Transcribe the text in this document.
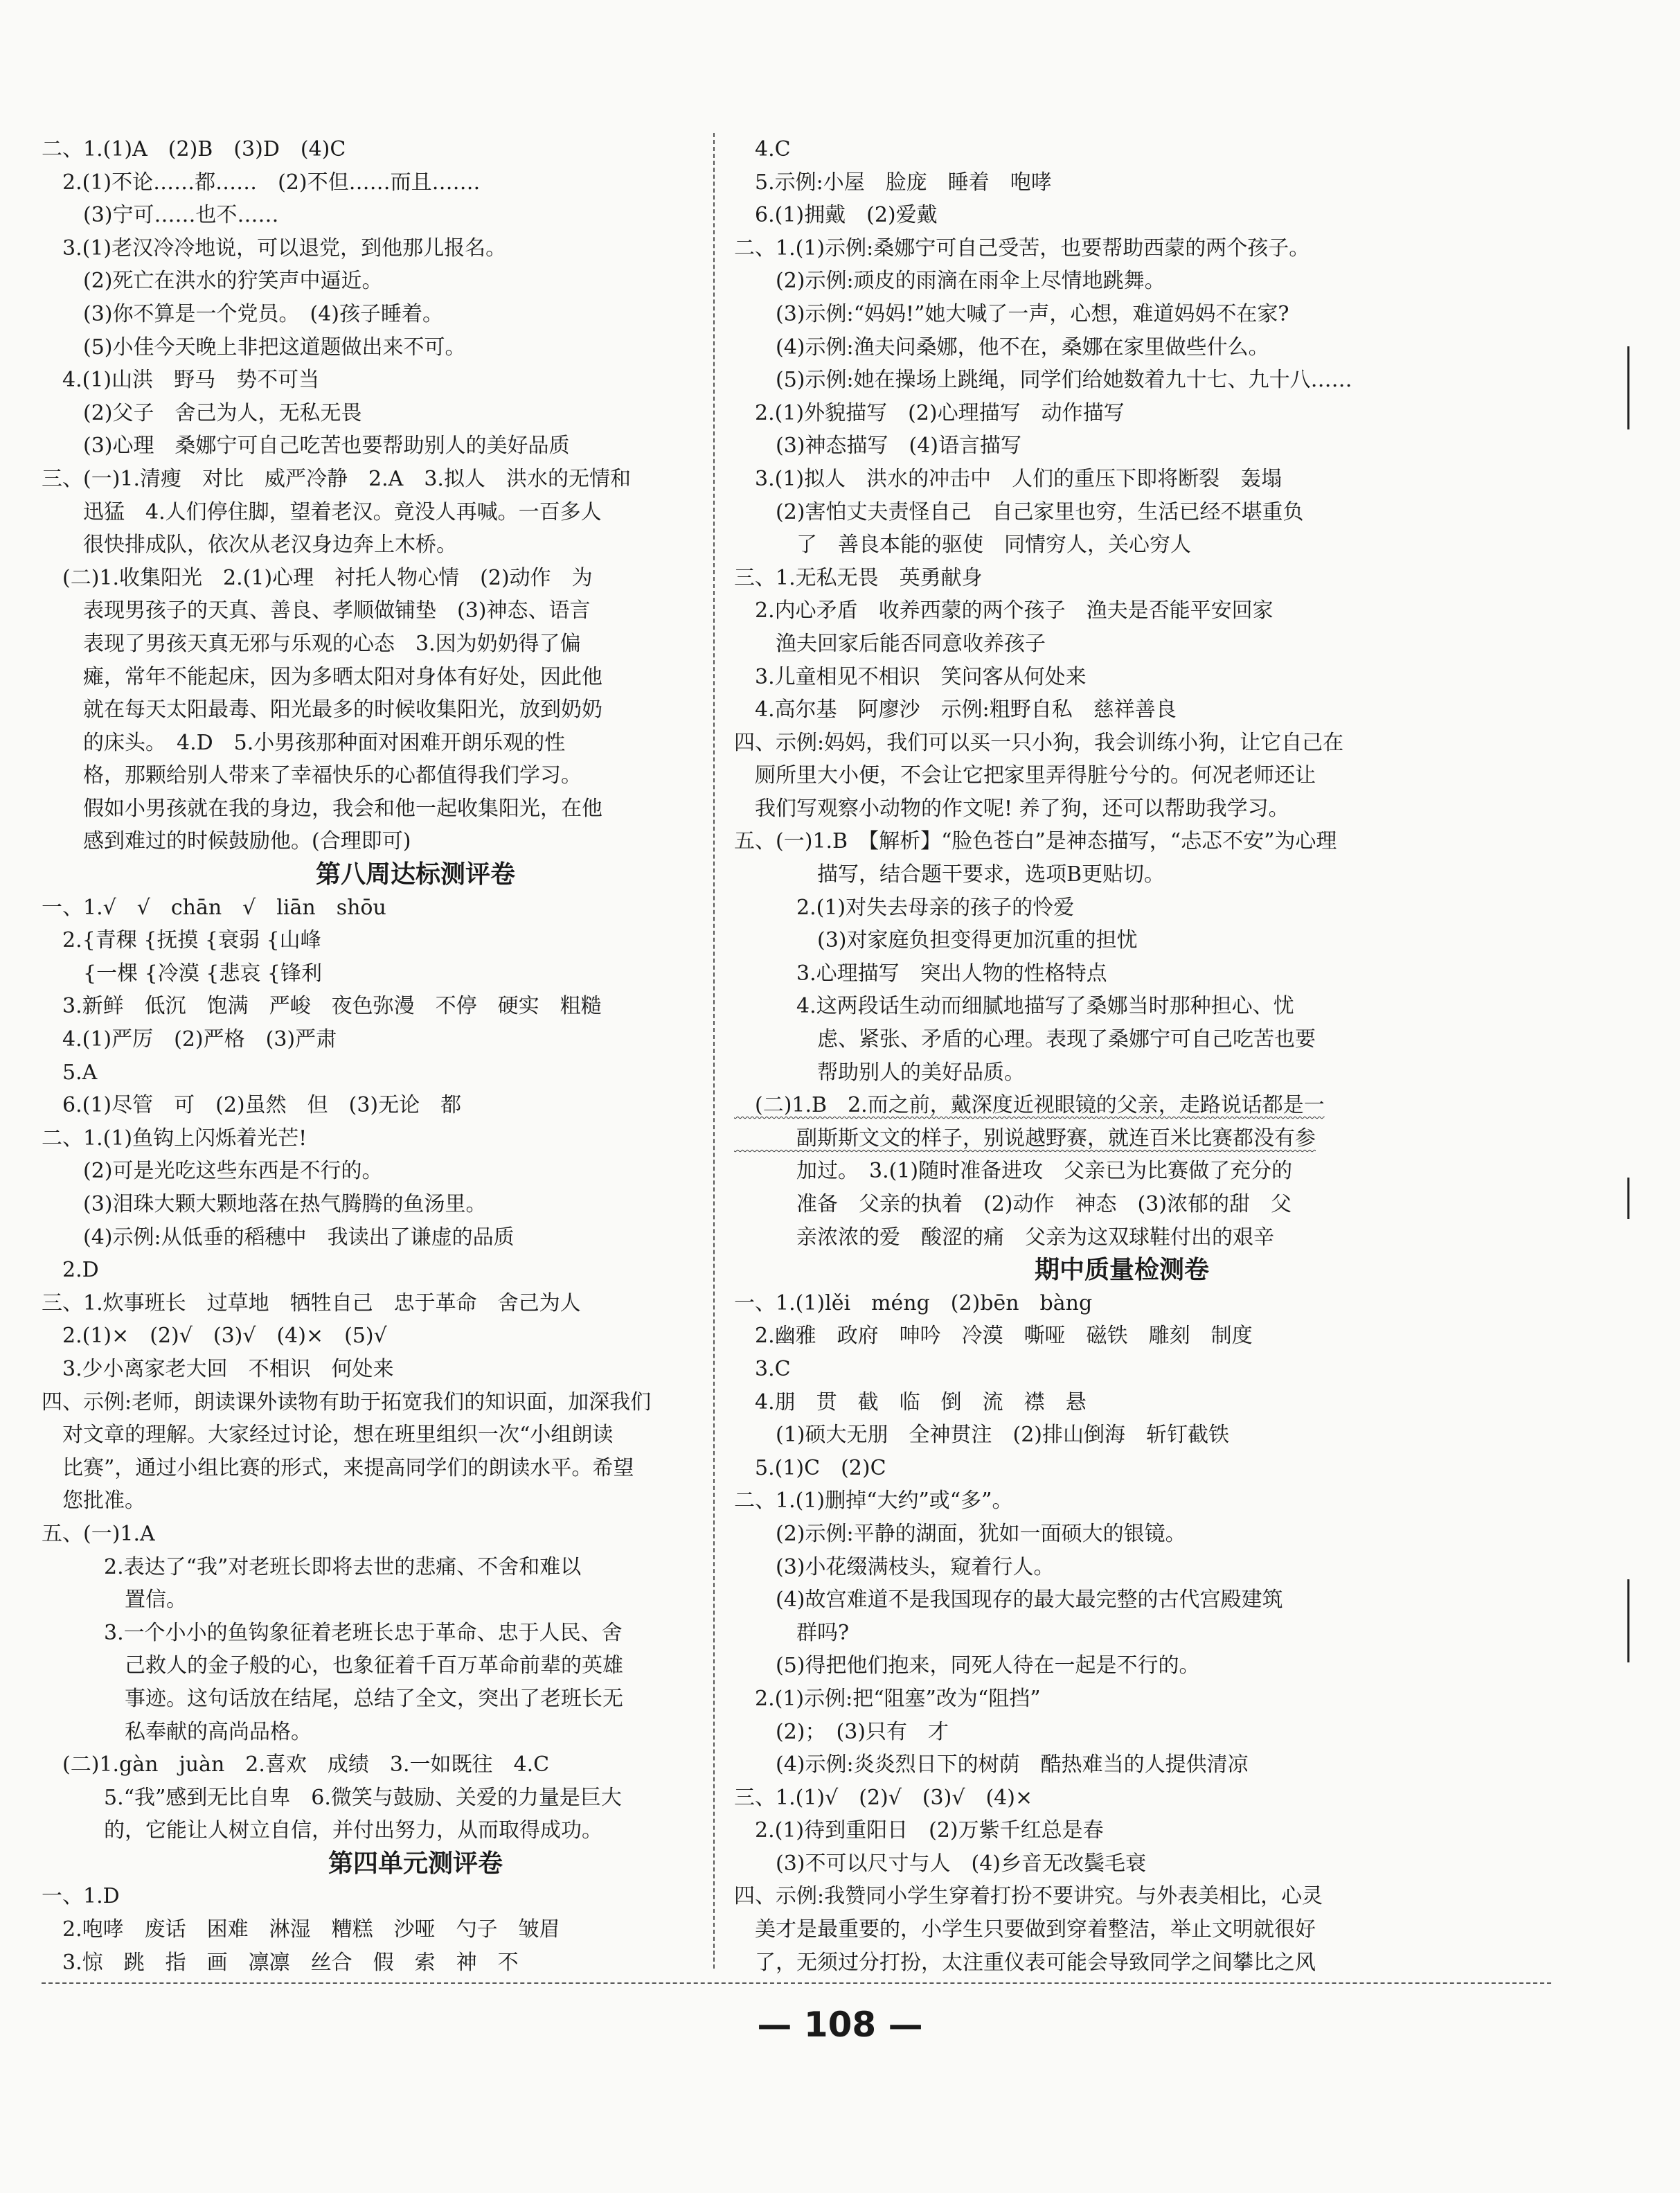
二、1.(1)A　(2)B　(3)D　(4)C
　2.(1)不论……都……　(2)不但……而且…….
　　(3)宁可……也不……
　3.(1)老汉冷冷地说，可以退党，到他那儿报名。
　　(2)死亡在洪水的狞笑声中逼近。
　　(3)你不算是一个党员。　(4)孩子睡着。
　　(5)小佳今天晚上非把这道题做出来不可。
　4.(1)山洪　野马　势不可当
　　(2)父子　舍己为人，无私无畏
　　(3)心理　桑娜宁可自己吃苦也要帮助别人的美好品质
三、(一)1.清瘦　对比　威严冷静　2.A　3.拟人　洪水的无情和
　　迅猛　4.人们停住脚，望着老汉。竟没人再喊。一百多人
　　很快排成队，依次从老汉身边奔上木桥。
　(二)1.收集阳光　2.(1)心理　衬托人物心情　(2)动作　为
　　表现男孩子的天真、善良、孝顺做铺垫　(3)神态、语言
　　表现了男孩天真无邪与乐观的心态　3.因为奶奶得了偏
　　瘫，常年不能起床，因为多晒太阳对身体有好处，因此他
　　就在每天太阳最毒、阳光最多的时候收集阳光，放到奶奶
　　的床头。　4.D　5.小男孩那种面对困难开朗乐观的性
　　格，那颗给别人带来了幸福快乐的心都值得我们学习。
　　假如小男孩就在我的身边，我会和他一起收集阳光，在他
　　感到难过的时候鼓励他。(合理即可)
第八周达标测评卷
一、1.√　√　chān　√　liān　shōu
　2.{青稞 {抚摸 {衰弱 {山峰
　　{一棵 {冷漠 {悲哀 {锋利
　3.新鲜　低沉　饱满　严峻　夜色弥漫　不停　硬实　粗糙
　4.(1)严厉　(2)严格　(3)严肃
　5.A
　6.(1)尽管　可　(2)虽然　但　(3)无论　都
二、1.(1)鱼钩上闪烁着光芒!
　　(2)可是光吃这些东西是不行的。
　　(3)泪珠大颗大颗地落在热气腾腾的鱼汤里。
　　(4)示例:从低垂的稻穗中　我读出了谦虚的品质
　2.D
三、1.炊事班长　过草地　牺牲自己　忠于革命　舍己为人
　2.(1)×　(2)√　(3)√　(4)×　(5)√
　3.少小离家老大回　不相识　何处来
四、示例:老师，朗读课外读物有助于拓宽我们的知识面，加深我们
　对文章的理解。大家经过讨论，想在班里组织一次“小组朗读
　比赛”，通过小组比赛的形式，来提高同学们的朗读水平。希望
　您批准。
五、(一)1.A
　　　2.表达了“我”对老班长即将去世的悲痛、不舍和难以
　　　　置信。
　　　3.一个小小的鱼钩象征着老班长忠于革命、忠于人民、舍
　　　　己救人的金子般的心，也象征着千百万革命前辈的英雄
　　　　事迹。这句话放在结尾，总结了全文，突出了老班长无
　　　　私奉献的高尚品格。
　(二)1.gàn　juàn　2.喜欢　成绩　3.一如既往　4.C
　　　5.“我”感到无比自卑　6.微笑与鼓励、关爱的力量是巨大
　　　的，它能让人树立自信，并付出努力，从而取得成功。
第四单元测评卷
一、1.D
　2.咆哮　废话　困难　淋湿　糟糕　沙哑　勺子　皱眉
　3.惊　跳　指　画　凛凛　丝合　假　索　神　不
　4.C
　5.示例:小屋　脸庞　睡着　咆哮
　6.(1)拥戴　(2)爱戴
二、1.(1)示例:桑娜宁可自己受苦，也要帮助西蒙的两个孩子。
　　(2)示例:顽皮的雨滴在雨伞上尽情地跳舞。
　　(3)示例:“妈妈!”她大喊了一声，心想，难道妈妈不在家?
　　(4)示例:渔夫问桑娜，他不在，桑娜在家里做些什么。
　　(5)示例:她在操场上跳绳，同学们给她数着九十七、九十八……
　2.(1)外貌描写　(2)心理描写　动作描写
　　(3)神态描写　(4)语言描写
　3.(1)拟人　洪水的冲击中　人们的重压下即将断裂　轰塌
　　(2)害怕丈夫责怪自己　自己家里也穷，生活已经不堪重负
　　　了　善良本能的驱使　同情穷人，关心穷人
三、1.无私无畏　英勇献身
　2.内心矛盾　收养西蒙的两个孩子　渔夫是否能平安回家
　　渔夫回家后能否同意收养孩子
　3.儿童相见不相识　笑问客从何处来
　4.高尔基　阿廖沙　示例:粗野自私　慈祥善良
四、示例:妈妈，我们可以买一只小狗，我会训练小狗，让它自己在
　厕所里大小便，不会让它把家里弄得脏兮兮的。何况老师还让
　我们写观察小动物的作文呢! 养了狗，还可以帮助我学习。
五、(一)1.B　【解析】“脸色苍白”是神态描写，“忐忑不安”为心理
　　　　描写，结合题干要求，选项B更贴切。
　　　2.(1)对失去母亲的孩子的怜爱
　　　　(3)对家庭负担变得更加沉重的担忧
　　　3.心理描写　突出人物的性格特点
　　　4.这两段话生动而细腻地描写了桑娜当时那种担心、忧
　　　　虑、紧张、矛盾的心理。表现了桑娜宁可自己吃苦也要
　　　　帮助别人的美好品质。
　(二)1.B　2.而之前，戴深度近视眼镜的父亲，走路说话都是一
　　　副斯斯文文的样子，别说越野赛，就连百米比赛都没有参
　　　加过。　3.(1)随时准备进攻　父亲已为比赛做了充分的
　　　准备　父亲的执着　(2)动作　神态　(3)浓郁的甜　父
　　　亲浓浓的爱　酸涩的痛　父亲为这双球鞋付出的艰辛
期中质量检测卷
一、1.(1)lěi　méng　(2)bēn　bàng
　2.幽雅　政府　呻吟　冷漠　嘶哑　磁铁　雕刻　制度
　3.C
　4.朋　贯　截　临　倒　流　襟　悬
　　(1)硕大无朋　全神贯注　(2)排山倒海　斩钉截铁
　5.(1)C　(2)C
二、1.(1)删掉“大约”或“多”。
　　(2)示例:平静的湖面，犹如一面硕大的银镜。
　　(3)小花缀满枝头，窥着行人。
　　(4)故宫难道不是我国现存的最大最完整的古代宫殿建筑
　　　群吗?
　　(5)得把他们抱来，同死人待在一起是不行的。
　2.(1)示例:把“阻塞”改为“阻挡”
　　(2)；　(3)只有　才
　　(4)示例:炎炎烈日下的树荫　酷热难当的人提供清凉
三、1.(1)√　(2)√　(3)√　(4)×
　2.(1)待到重阳日　(2)万紫千红总是春
　　(3)不可以尺寸与人　(4)乡音无改鬓毛衰
四、示例:我赞同小学生穿着打扮不要讲究。与外表美相比，心灵
　美才是最重要的，小学生只要做到穿着整洁，举止文明就很好
　了，无须过分打扮，太注重仪表可能会导致同学之间攀比之风
— 108 —
